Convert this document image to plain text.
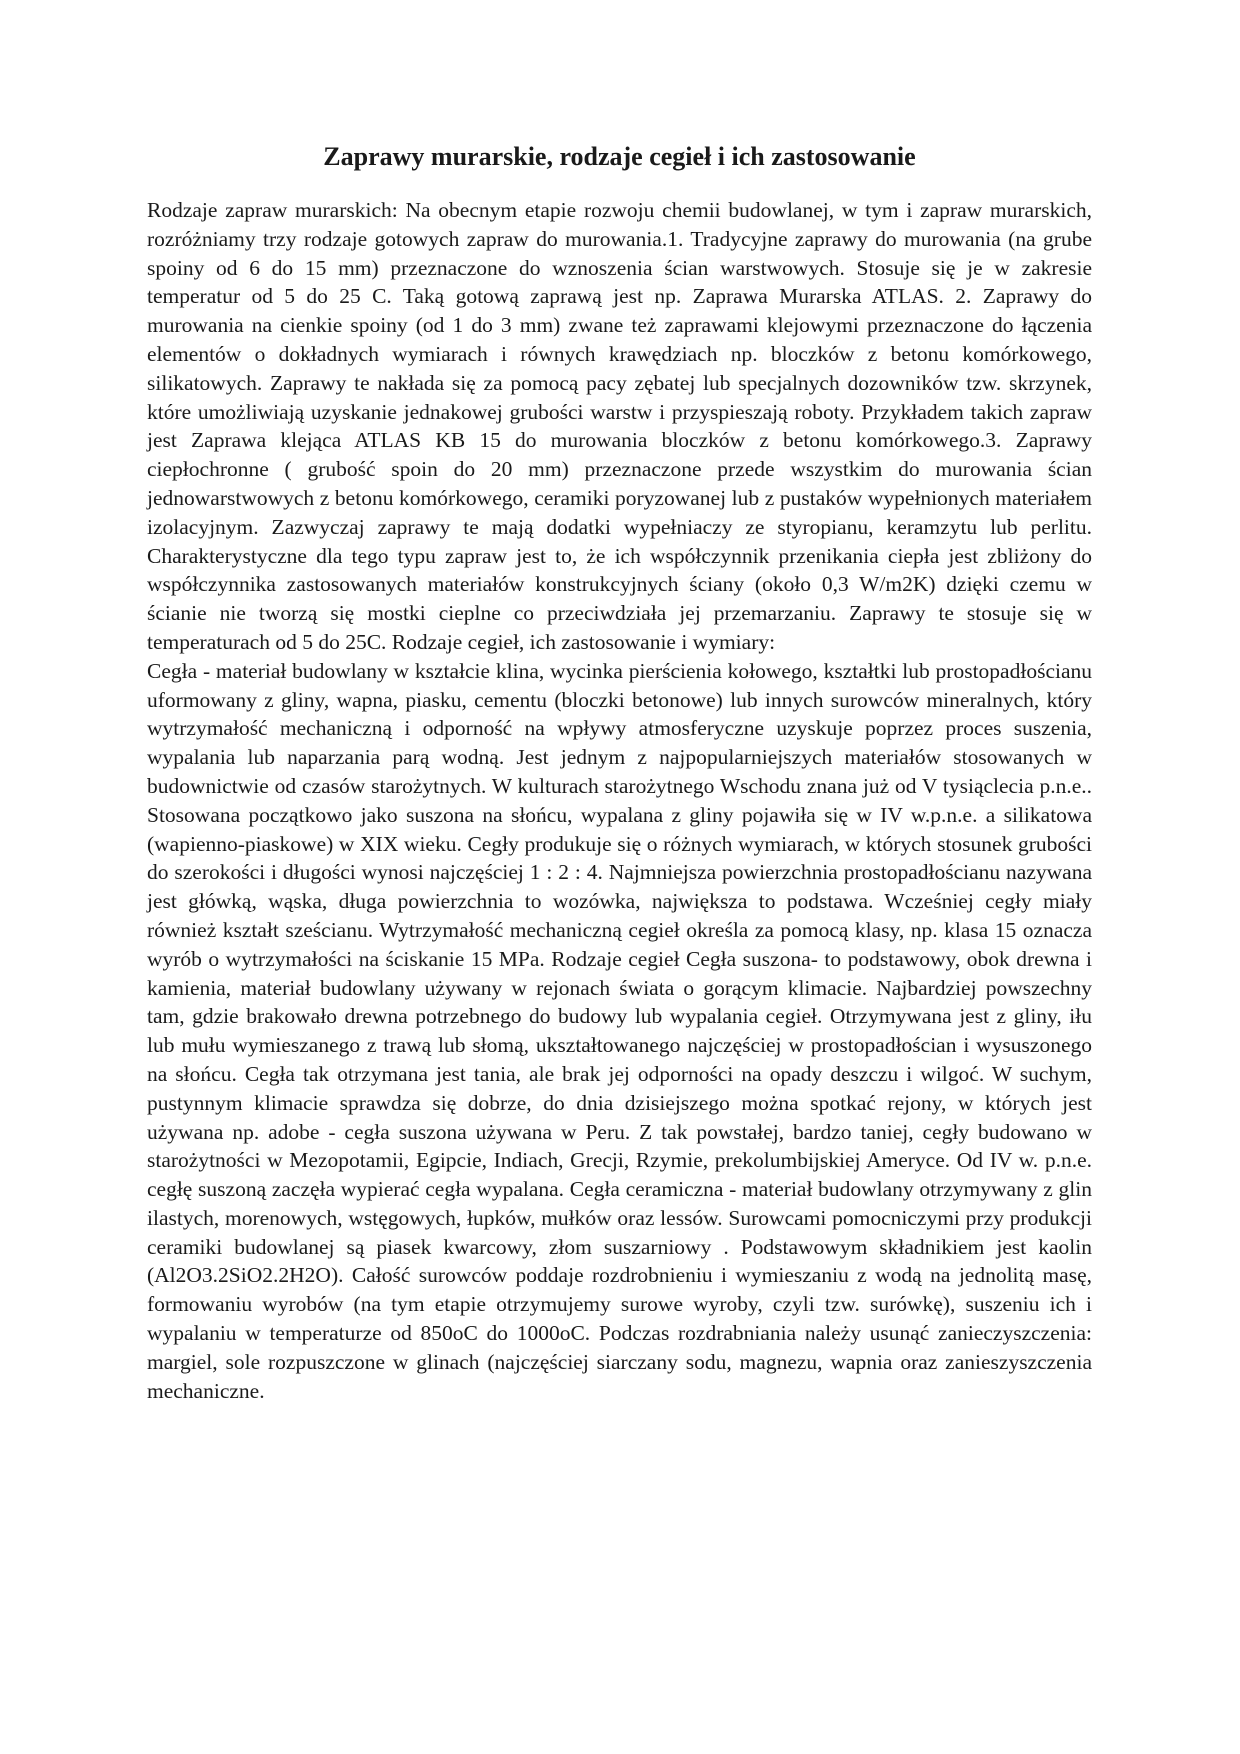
Zaprawy murarskie, rodzaje cegieł i ich zastosowanie

Rodzaje zapraw murarskich: Na obecnym etapie rozwoju chemii budowlanej, w tym i zapraw murarskich, rozróżniamy trzy rodzaje gotowych zapraw do murowania.1. Tradycyjne zaprawy do murowania (na grube spoiny od 6 do 15 mm) przeznaczone do wznoszenia ścian warstwowych. Stosuje się je w zakresie temperatur od 5 do 25 C. Taką gotową zaprawą jest np. Zaprawa Murarska ATLAS. 2. Zaprawy do murowania na cienkie spoiny (od 1 do 3 mm) zwane też zaprawami klejowymi przeznaczone do łączenia elementów o dokładnych wymiarach i równych krawędziach np. bloczków z betonu komórkowego, silikatowych. Zaprawy te nakłada się za pomocą pacy zębatej lub specjalnych dozowników tzw. skrzynek, które umożliwiają uzyskanie jednakowej grubości warstw i przyspieszają roboty. Przykładem takich zapraw jest Zaprawa klejąca ATLAS KB 15 do murowania bloczków z betonu komórkowego.3. Zaprawy ciepłochronne ( grubość spoin do 20 mm) przeznaczone przede wszystkim do murowania ścian jednowarstwowych z betonu komórkowego, ceramiki poryzowanej lub z pustaków wypełnionych materiałem izolacyjnym. Zazwyczaj zaprawy te mają dodatki wypełniaczy ze styropianu, keramzytu lub perlitu. Charakterystyczne dla tego typu zapraw jest to, że ich współczynnik przenikania ciepła jest zbliżony do współczynnika zastosowanych materiałów konstrukcyjnych ściany (około 0,3 W/m2K) dzięki czemu w ścianie nie tworzą się mostki cieplne co przeciwdziała jej przemarzaniu. Zaprawy te stosuje się w temperaturach od 5 do 25C. Rodzaje cegieł, ich zastosowanie i wymiary:

Cegła - materiał budowlany w kształcie klina, wycinka pierścienia kołowego, kształtki lub prostopadłościanu uformowany z gliny, wapna, piasku, cementu (bloczki betonowe) lub innych surowców mineralnych, który wytrzymałość mechaniczną i odporność na wpływy atmosferyczne uzyskuje poprzez proces suszenia, wypalania lub naparzania parą wodną. Jest jednym z najpopularniejszych materiałów stosowanych w budownictwie od czasów starożytnych. W kulturach starożytnego Wschodu znana już od V tysiąclecia p.n.e.. Stosowana początkowo jako suszona na słońcu, wypalana z gliny pojawiła się w IV w.p.n.e. a silikatowa (wapienno-piaskowe) w XIX wieku. Cegły produkuje się o różnych wymiarach, w których stosunek grubości do szerokości i długości wynosi najczęściej 1 : 2 : 4. Najmniejsza powierzchnia prostopadłościanu nazywana jest główką, wąska, długa powierzchnia to wozówka, największa to podstawa. Wcześniej cegły miały również kształt sześcianu. Wytrzymałość mechaniczną cegieł określa za pomocą klasy, np. klasa 15 oznacza wyrób o wytrzymałości na ściskanie 15 MPa. Rodzaje cegieł Cegła suszona- to podstawowy, obok drewna i kamienia, materiał budowlany używany w rejonach świata o gorącym klimacie. Najbardziej powszechny tam, gdzie brakowało drewna potrzebnego do budowy lub wypalania cegieł. Otrzymywana jest z gliny, iłu lub mułu wymieszanego z trawą lub słomą, ukształtowanego najczęściej w prostopadłościan i wysuszonego na słońcu. Cegła tak otrzymana jest tania, ale brak jej odporności na opady deszczu i wilgoć. W suchym, pustynnym klimacie sprawdza się dobrze, do dnia dzisiejszego można spotkać rejony, w których jest używana np. adobe - cegła suszona używana w Peru. Z tak powstałej, bardzo taniej, cegły budowano w starożytności w Mezopotamii, Egipcie, Indiach, Grecji, Rzymie, prekolumbijskiej Ameryce. Od IV w. p.n.e. cegłę suszoną zaczęła wypierać cegła wypalana. Cegła ceramiczna - materiał budowlany otrzymywany z glin ilastych, morenowych, wstęgowych, łupków, mułków oraz lessów. Surowcami pomocniczymi przy produkcji ceramiki budowlanej są piasek kwarcowy, złom suszarniowy . Podstawowym składnikiem jest kaolin (Al2O3.2SiO2.2H2O). Całość surowców poddaje rozdrobnieniu i wymieszaniu z wodą na jednolitą masę, formowaniu wyrobów (na tym etapie otrzymujemy surowe wyroby, czyli tzw. surówkę), suszeniu ich i wypalaniu w temperaturze od 850oC do 1000oC. Podczas rozdrabniania należy usunąć zanieczyszczenia: margiel, sole rozpuszczone w glinach (najczęściej siarczany sodu, magnezu, wapnia oraz zanieszyszczenia mechaniczne.
